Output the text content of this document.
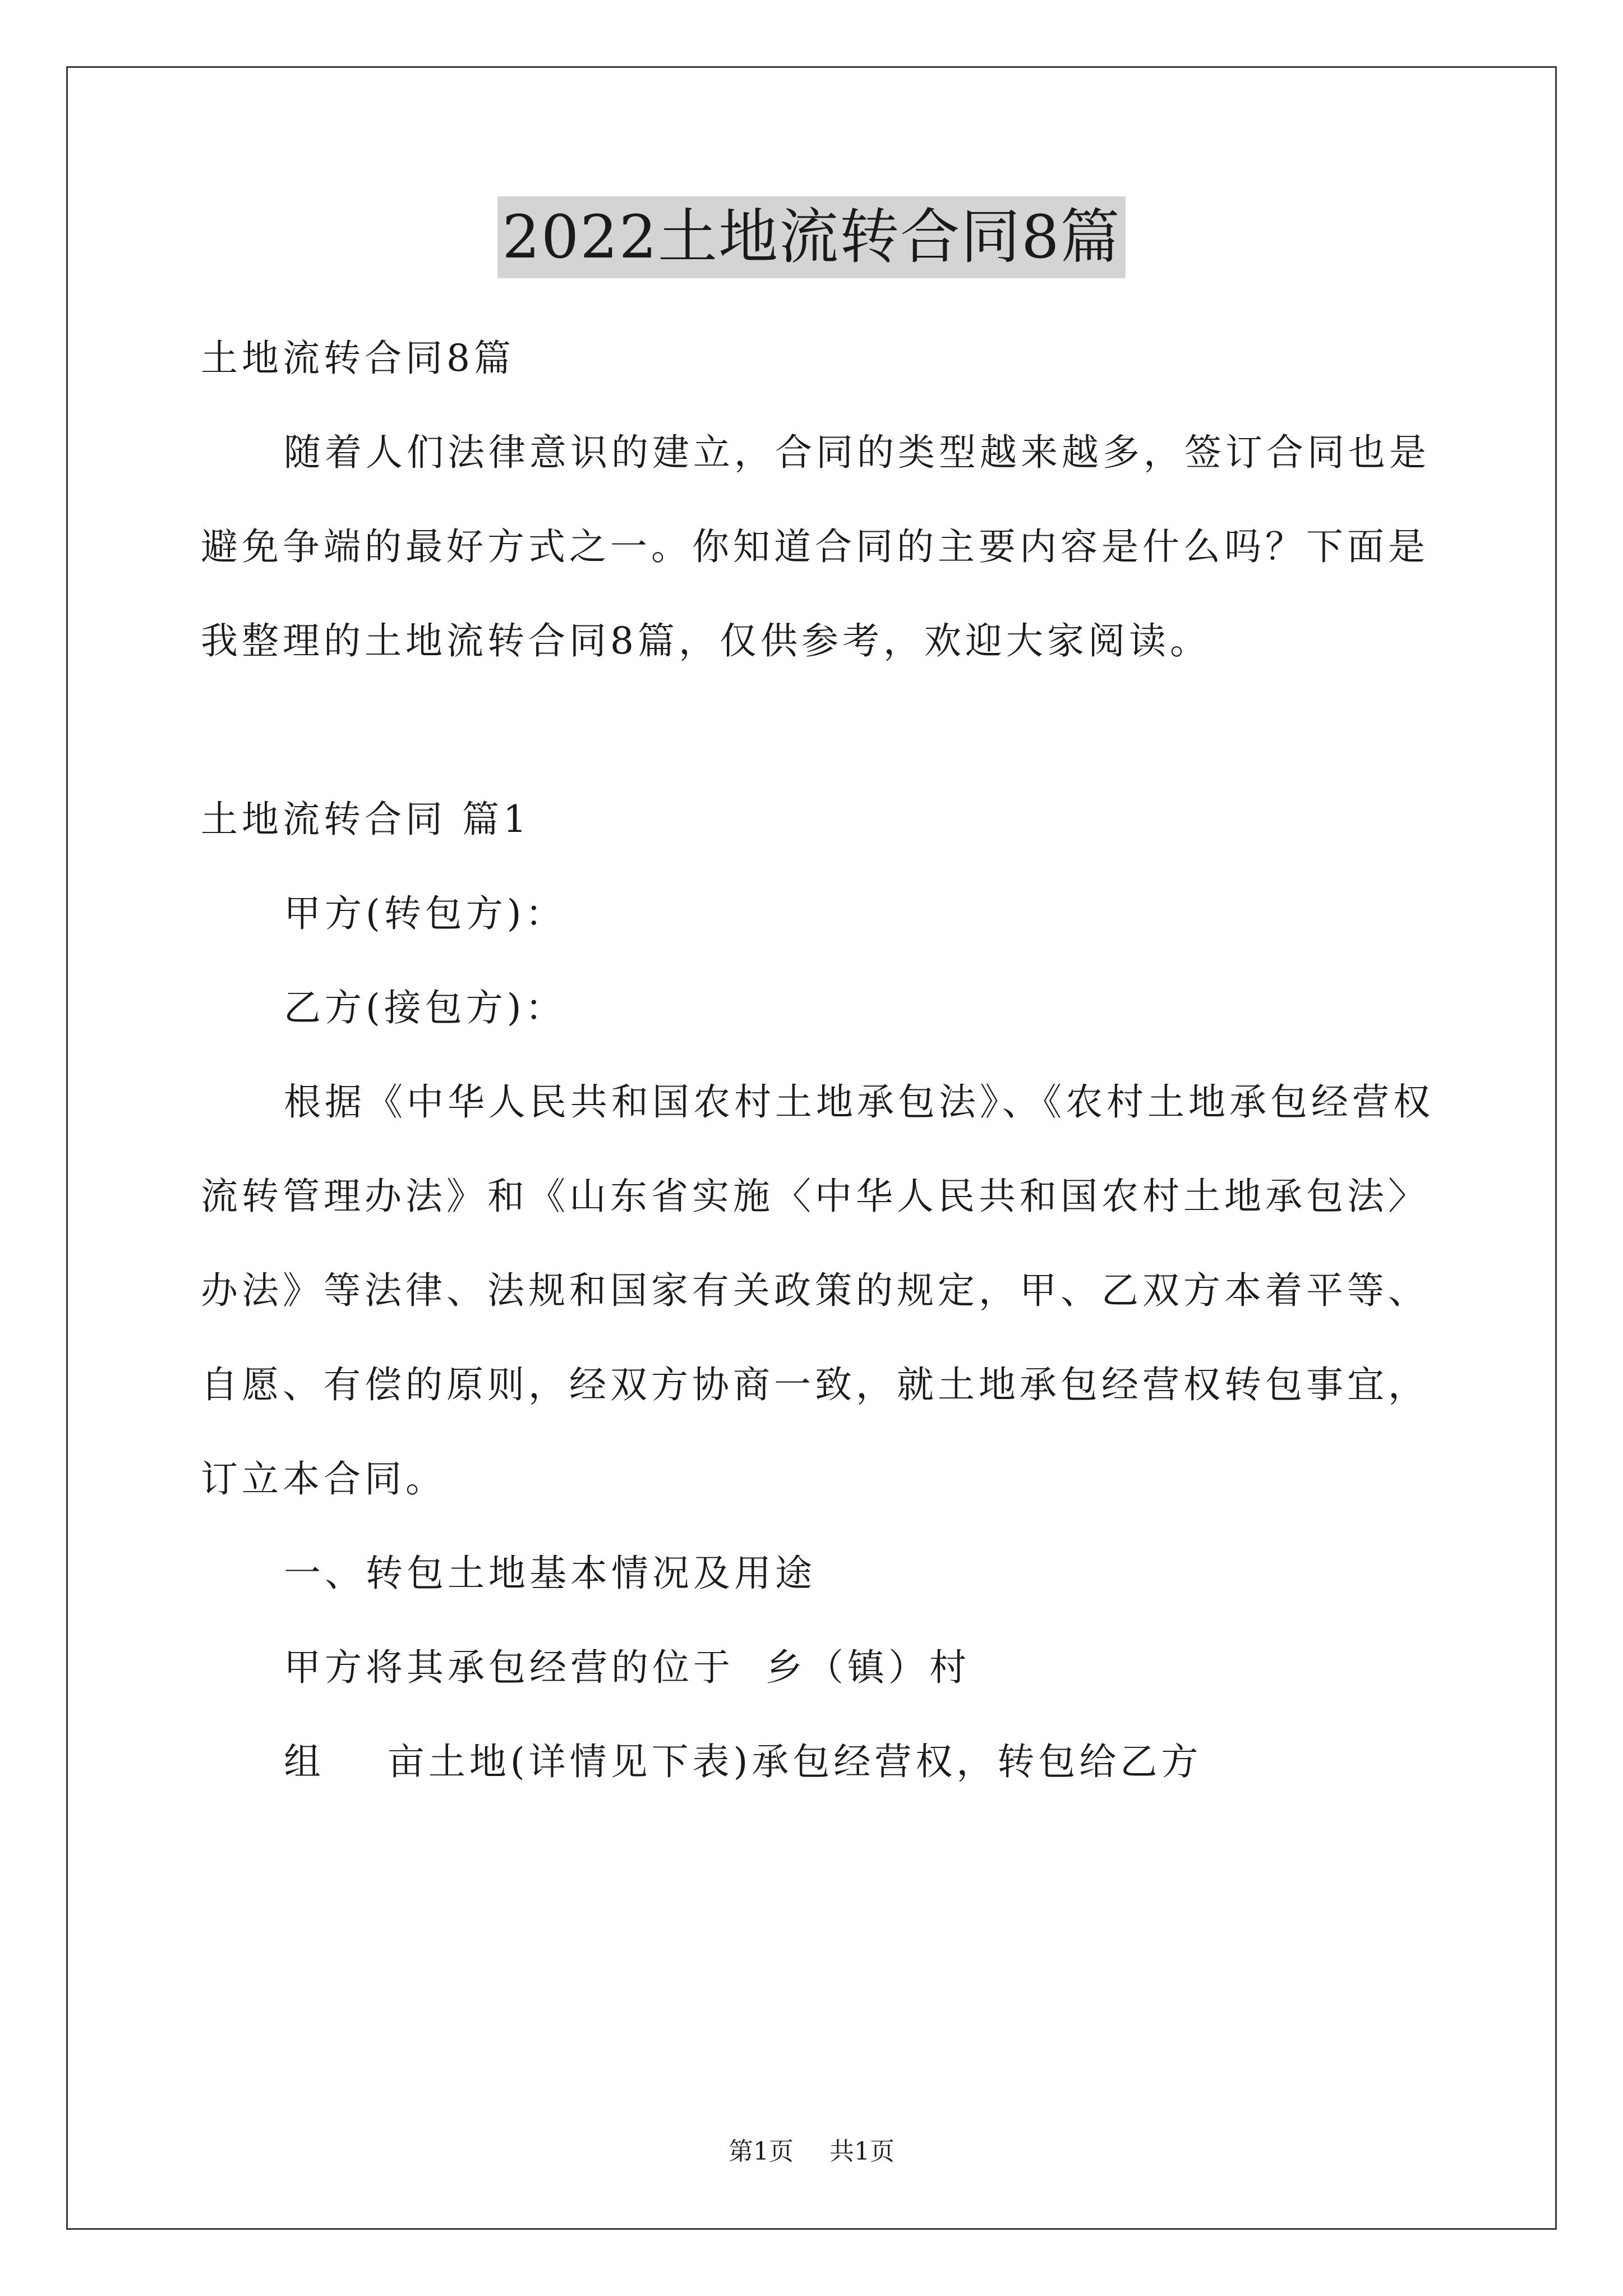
2022土地流转合同8篇
土地流转合同8篇
随着人们法律意识的建立，合同的类型越来越多，签订合同也是
避免争端的最好方式之一。你知道合同的主要内容是什么吗？下面是
我整理的土地流转合同8篇，仅供参考，欢迎大家阅读。
土地流转合同 篇1
甲方(转包方)：
乙方(接包方)：
根据《中华人民共和国农村土地承包法》、《农村土地承包经营权
流转管理办法》和《山东省实施〈中华人民共和国农村土地承包法〉
办法》等法律、法规和国家有关政策的规定，甲、乙双方本着平等、
自愿、有偿的原则，经双方协商一致，就土地承包经营权转包事宜，
订立本合同。
一、转包土地基本情况及用途
甲方将其承包经营的位于  乡（镇）村
组    亩土地(详情见下表)承包经营权，转包给乙方
第1页  共1页
